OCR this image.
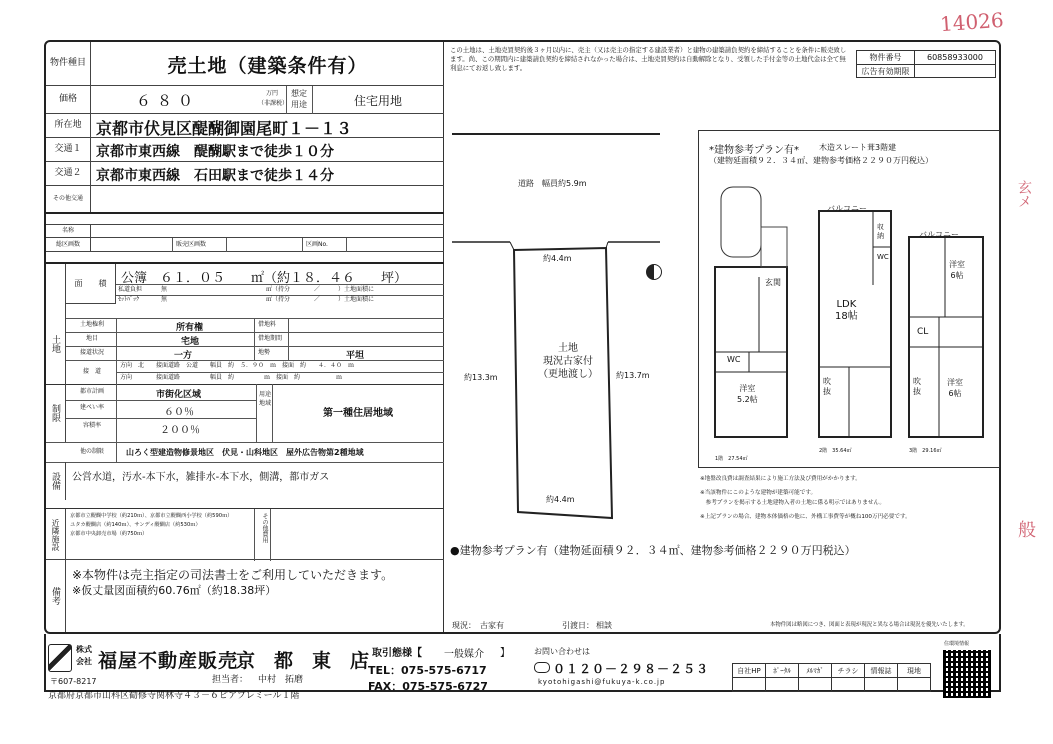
14026
玄メ
般
この土地は、土地売買契約後３ヶ月以内に、売主（又は売主の指定する建設業者）と建物の建築請負契約を締結することを条件に販売致します。尚、この期間内に建築請負契約を締結されなかった場合は、土地売買契約は自動解除となり、受領した手付金等の土地代金は全て無利息にてお返し致します。
物件番号	60858933000
広告有効期限
物件種目	売土地（建築条件有）
価格	６８０	万円
（非課税）
想定用途	住宅用地
所在地 京都市伏見区醍醐御園尾町１－１３
交通１	京都市東西線　醍醐駅まで徒歩１０分
交通２	京都市東西線　石田駅まで徒歩１４分
その他交通
名称
総区画数	販売区画数	区画No.
土地
面　　積	公簿　６１．０５　　㎡（約１８．４６　　坪）
私道負担	無	㎡（持分　　　　／　　　）土地面積に
ｾｯﾄﾊﾞｯｸ	無	㎡（持分　　　　／　　　）土地面積に
土地権利	所有権	借地料
地目	宅地	借地期間
接道状況	一方	地勢	平坦
接　道
方向　北　　接面道路　公道　　幅員　約　５．９０　ｍ　接面　約　　４．４０　ｍ
方向　　　　接面道路　　　　　幅員　約　　　　　ｍ　接面　約　　　　　　ｍ
制限
都市計画	市街化区域
建ぺい率	６０％
容積率	２００％
用途地域
第一種住居地域
他の制限	山ろく型建造物修景地区　伏見・山科地区　屋外広告物第2種地域
設備	公営水道，汚水-本下水，雑排水-本下水，側溝，都市ガス
近隣施設
京都市立醍醐中学校（約210ｍ）、京都市立醍醐西小学校（約590ｍ）
ユタカ醍醐店（約140ｍ）、サンディ醍醐店（約530ｍ）
京都市中央卸売市場（約750ｍ）	その他費用
備考
※本物件は売主指定の司法書士をご利用していただきます。
※仮丈量図面積約60.76㎡（約18.38坪）
道路　幅員約5.9m
約4.4m
約13.3m	約13.7m
約4.4m
土地
現況古家付
（更地渡し）
●建物参考プラン有（建物延面積９２．３４㎡、建物参考価格２２９０万円税込）
現況： 古家有	引渡日： 相談
*建物参考プラン有*	木造スレート葺3階建
（建物延面積９２．３４㎡、建物参考価格２２９０万円税込）
玄関
WC
洋室
5.2帖
バルコニー
収納
WC
LDK
18帖
吹抜
バルコニー
洋室
6帖
CL
吹抜
洋室
6帖
1階　27.54㎡
2階　35.64㎡	3階　29.16㎡
※地盤改良費は調査結果により施工方法及び費用がかかります。
※当該物件にこのような建物が建築可能です。
　参考プランを掲示する土地建物入者の土地に係る明示ではありません。
※上記プランの場合、建物本体価格の他に、外構工事費等が概ね100万円必要です。
本物件図は略図につき、図面と表現が現況と異なる場合は現況を優先いたします。
株式会社 福屋不動産販売
京　都　東　店
〒607-8217
京都府京都市山科区勧修寺関林寺４３－６ピアプレミール１階
担当者： 中村　拓磨
取引態様【 一般媒介 】
TEL：075-575-6717
FAX：075-575-6727
お問い合わせは
０１２０－２９８－２５３
kyotohigashi@fukuya-k.co.jp
自社HP	ﾎﾟｰﾀﾙ	ﾒﾙﾏｶﾞ	チラシ	情報誌	現地

住環境情報
